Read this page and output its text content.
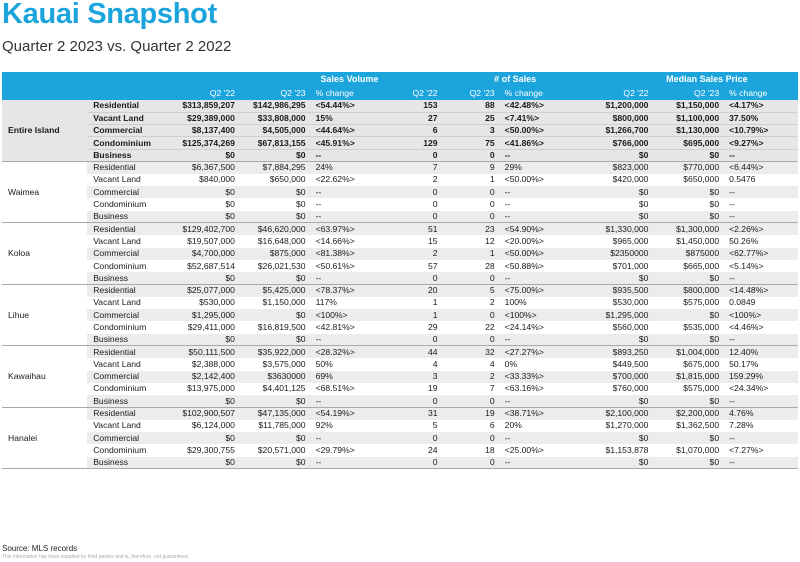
Kauai Snapshot
Quarter 2 2023 vs. Quarter 2 2022
		Sales Volume			# of Sales			Median Sales Price		
		Q2 '22	Q2 '23	% change	Q2 '22	Q2 '23	% change	Q2 '22	Q2 '23	% change
Entire Island	Residential	$313,859,207	$142,986,295	<54.44%>	153	88	<42.48%>	$1,200,000	$1,150,000	<4.17%>
	Vacant Land	$29,389,000	$33,808,000	15%	27	25	<7.41%>	$800,000	$1,100,000	37.50%
	Commercial	$8,137,400	$4,505,000	<44.64%>	6	3	<50.00%>	$1,266,700	$1,130,000	<10.79%>
	Condominium	$125,374,269	$67,813,155	<45.91%>	129	75	<41.86%>	$766,000	$695,000	<9.27%>
	Business	$0	$0	--	0	0	--	$0	$0	--
Waimea	Residential	$6,367,500	$7,884,295	24%	7	9	29%	$823,000	$770,000	<6.44%>
	Vacant Land	$840,000	$650,000	<22.62%>	2	1	<50.00%>	$420,000	$650,000	0.5476
	Commercial	$0	$0	--	0	0	--	$0	$0	--
	Condominium	$0	$0	--	0	0	--	$0	$0	--
	Business	$0	$0	--	0	0	--	$0	$0	--
Koloa	Residential	$129,402,700	$46,620,000	<63.97%>	51	23	<54.90%>	$1,330,000	$1,300,000	<2.26%>
	Vacant Land	$19,507,000	$16,648,000	<14.66%>	15	12	<20.00%>	$965,000	$1,450,000	50.26%
	Commercial	$4,700,000	$875,000	<81.38%>	2	1	<50.00%>	$2350000	$875000	<62.77%>
	Condominium	$52,687,514	$26,021,530	<50.61%>	57	28	<50.88%>	$701,000	$665,000	<5.14%>
	Business	$0	$0	--	0	0	--	$0	$0	--
Lihue	Residential	$25,077,000	$5,425,000	<78.37%>	20	5	<75.00%>	$935,500	$800,000	<14.48%>
	Vacant Land	$530,000	$1,150,000	117%	1	2	100%	$530,000	$575,000	0.0849
	Commercial	$1,295,000	$0	<100%>	1	0	<100%>	$1,295,000	$0	<100%>
	Condominium	$29,411,000	$16,819,500	<42.81%>	29	22	<24.14%>	$560,000	$535,000	<4.46%>
	Business	$0	$0	--	0	0	--	$0	$0	--
Kawaihau	Residential	$50,111,500	$35,922,000	<28.32%>	44	32	<27.27%>	$893,250	$1,004,000	12.40%
	Vacant Land	$2,388,000	$3,575,000	50%	4	4	0%	$449,500	$675,000	50.17%
	Commercial	$2,142,400	$3630000	69%	3	2	<33.33%>	$700,000	$1,815,000	159.29%
	Condominium	$13,975,000	$4,401,125	<68.51%>	19	7	<63.16%>	$760,000	$575,000	<24.34%>
	Business	$0	$0	--	0	0	--	$0	$0	--
Hanalei	Residential	$102,900,507	$47,135,000	<54.19%>	31	19	<38.71%>	$2,100,000	$2,200,000	4.76%
	Vacant Land	$6,124,000	$11,785,000	92%	5	6	20%	$1,270,000	$1,362,500	7.28%
	Commercial	$0	$0	--	0	0	--	$0	$0	--
	Condominium	$29,300,755	$20,571,000	<29.79%>	24	18	<25.00%>	$1,153,878	$1,070,000	<7.27%>
	Business	$0	$0	--	0	0	--	$0	$0	--
Source: MLS records
This information has been supplied by third parties and is, therefore, not guaranteed.
